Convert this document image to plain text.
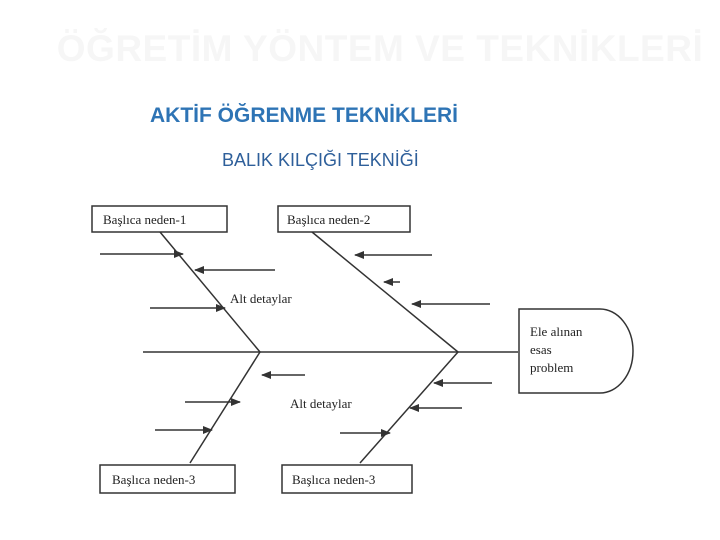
ÖĞRETİM YÖNTEM VE TEKNİKLERİ
AKTİF ÖĞRENME TEKNİKLERİ
BALIK KILÇIĞI TEKNİĞİ
Başlıca neden-1	Başlıca neden-2
Başlıca neden-3	Başlıca neden-3
Alt detaylar
Alt detaylar
Ele alınan
esas
problem
